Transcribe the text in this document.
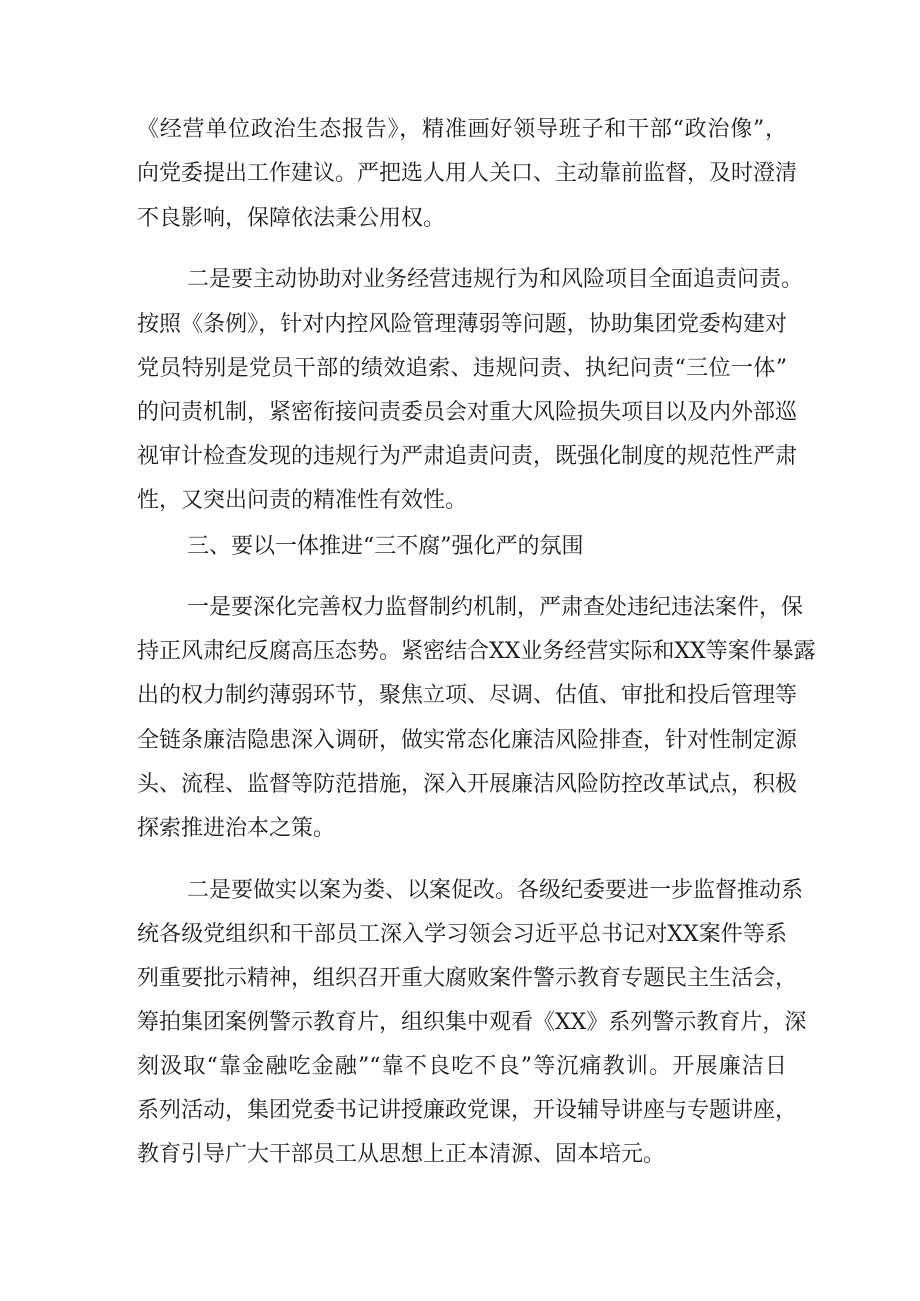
《经营单位政治生态报告》，精准画好领导班子和干部“政治像”，
向党委提出工作建议。严把选人用人关口、主动靠前监督，及时澄清
不良影响，保障依法秉公用权。
二是要主动协助对业务经营违规行为和风险项目全面追责问责。
按照《条例》，针对内控风险管理薄弱等问题，协助集团党委构建对
党员特别是党员干部的绩效追索、违规问责、执纪问责“三位一体”
的问责机制，紧密衔接问责委员会对重大风险损失项目以及内外部巡
视审计检查发现的违规行为严肃追责问责，既强化制度的规范性严肃
性，又突出问责的精准性有效性。
三、要以一体推进“三不腐”强化严的氛围
一是要深化完善权力监督制约机制，严肃查处违纪违法案件，保
持正风肃纪反腐高压态势。紧密结合XX业务经营实际和XX等案件暴露
出的权力制约薄弱环节，聚焦立项、尽调、估值、审批和投后管理等
全链条廉洁隐患深入调研，做实常态化廉洁风险排查，针对性制定源
头、流程、监督等防范措施，深入开展廉洁风险防控改革试点，积极
探索推进治本之策。
二是要做实以案为娄、以案促改。各级纪委要进一步监督推动系
统各级党组织和干部员工深入学习领会习近平总书记对XX案件等系
列重要批示精神，组织召开重大腐败案件警示教育专题民主生活会，
筹拍集团案例警示教育片，组织集中观看《XX》系列警示教育片，深
刻汲取“靠金融吃金融”“靠不良吃不良”等沉痛教训。开展廉洁日
系列活动，集团党委书记讲授廉政党课，开设辅导讲座与专题讲座，
教育引导广大干部员工从思想上正本清源、固本培元。
